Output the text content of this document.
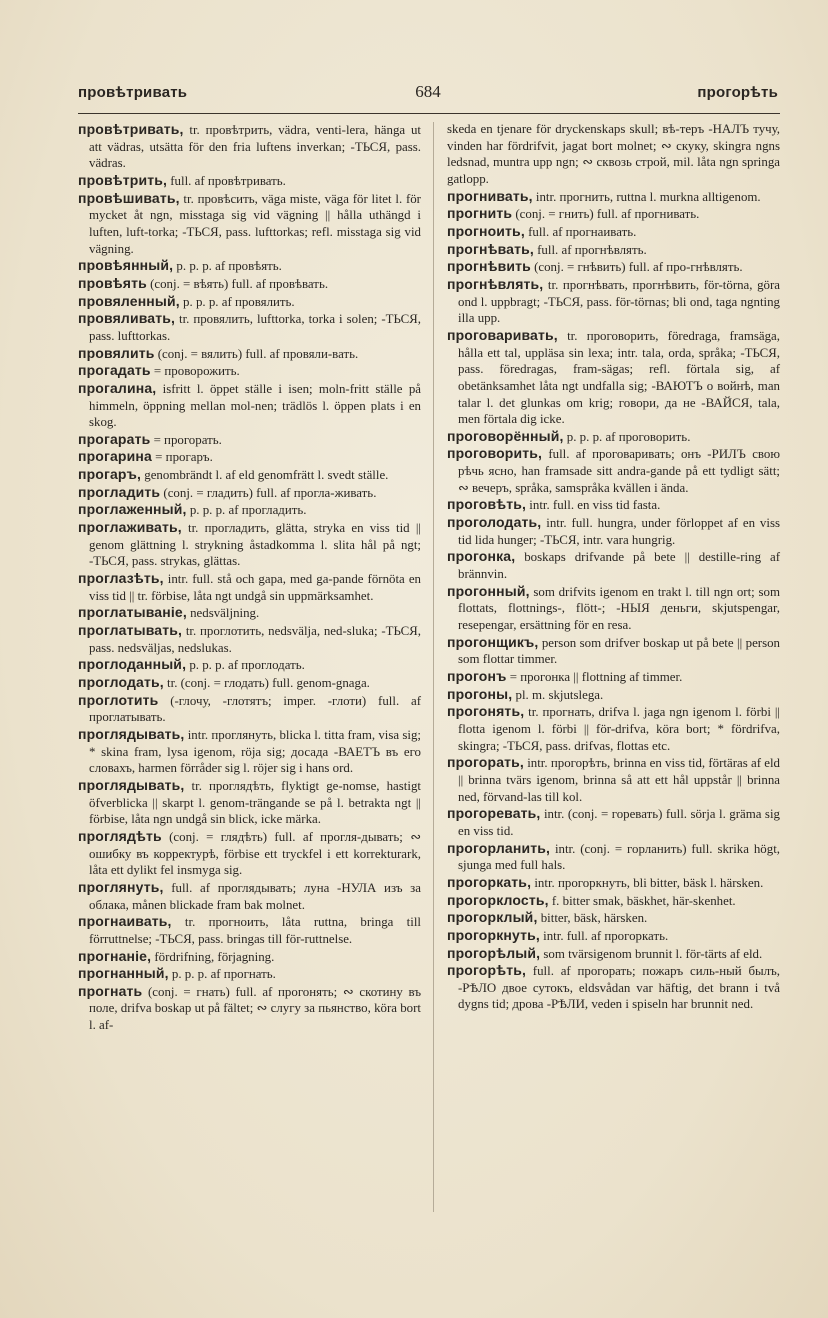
провѣтривать	684	прогорѣть

провѣтривать, tr. провѣтрить, vädra, venti-lera, hänga ut att vädras, utsätta för den fria luftens inverkan; -ТЬСЯ, pass. vädras.

провѣтрить, full. af провѣтривать.

провѣшивать, tr. провѣсить, väga miste, väga för litet l. för mycket åt ngn, misstaga sig vid vägning || hålla uthängd i luften, luft-torka; -ТЬСЯ, pass. lufttorkas; refl. misstaga sig vid vägning.

провѣянный, p. p. p. af провѣять.

провѣять (conj. = вѣять) full. af провѣвать.

провяленный, p. p. p. af провялить.

провяливать, tr. провялить, lufttorka, torka i solen; -ТЬСЯ, pass. lufttorkas.

провялить (conj. = вялить) full. af провяли-вать.

прогадать = проворожить.

прогалина, isfritt l. öppet ställe i isen; moln-fritt ställe på himmeln, öppning mellan mol-nen; trädlös l. öppen plats i en skog.

прогарать = прогорать.

прогарина = прогаръ.

прогаръ, genombrändt l. af eld genomfrätt l. svedt ställe.

прогладить (conj. = гладить) full. af прогла-живать.

проглаженный, p. p. p. af прогладить.

проглаживать, tr. прогладить, glätta, stryka en viss tid || genom glättning l. strykning åstadkomma l. slita hål på ngt; -ТЬСЯ, pass. strykas, glättas.

проглазѣть, intr. full. stå och gapa, med ga-pande förnöta en viss tid || tr. förbise, låta ngt undgå sin uppmärksamhet.

проглатываніе, nedsväljning.

проглатывать, tr. проглотить, nedsvälja, ned-sluka; -ТЬСЯ, pass. nedsväljas, nedslukas.

проглоданный, p. p. p. af проглодать.

проглодать, tr. (conj. = глодать) full. genom-gnaga.

проглотить (-глочу, -глотятъ; imper. -глоти) full. af проглатывать.

проглядывать, intr. проглянуть, blicka l. titta fram, visa sig; * skina fram, lysa igenom, röja sig; досада -ВАЕТЪ въ его словахъ, harmen förråder sig l. röjer sig i hans ord.

проглядывать, tr. проглядѣть, flyktigt ge-nomse, hastigt öfverblicka || skarpt l. genom-trängande se på l. betrakta ngt || förbise, låta ngn undgå sin blick, icke märka.

проглядѣть (conj. = глядѣть) full. af прогля-дывать; ∾ ошибку въ корректурѣ, förbise ett tryckfel i ett korrekturark, låta ett dylikt fel insmyga sig.

проглянуть, full. af проглядывать; луна -НУЛА изъ за облака, månen blickade fram bak molnet.

прогнаивать, tr. прогноить, låta ruttna, bringa till förruttnelse; -ТЬСЯ, pass. bringas till för-ruttnelse.

прогнаніе, fördrifning, förjagning.

прогнанный, p. p. p. af прогнать.

прогнать (conj. = гнать) full. af прогонять; ∾ скотину въ поле, drifva boskap ut på fältet; ∾ слугу за пьянство, köra bort l. af-

skeda en tjenare för dryckenskaps skull; вѣ-теръ -НАЛЪ тучу, vinden har fördrifvit, jagat bort molnet; ∾ скуку, skingra ngns ledsnad, muntra upp ngn; ∾ сквозь строй, mil. låta ngn springa gatlopp.

прогнивать, intr. прогнить, ruttna l. murkna alltigenom.

прогнить (conj. = гнить) full. af прогнивать.

прогноить, full. af прогнаивать.

прогнѣвать, full. af прогнѣвлять.

прогнѣвить (conj. = гнѣвить) full. af про-гнѣвлять.

прогнѣвлять, tr. прогнѣвать, прогнѣвить, för-törna, göra ond l. uppbragt; -ТЬСЯ, pass. för-törnas; bli ond, taga ngnting illa upp.

проговаривать, tr. проговорить, föredraga, framsäga, hålla ett tal, uppläsa sin lexa; intr. tala, orda, språka; -ТЬСЯ, pass. föredragas, fram-sägas; refl. förtala sig, af obetänksamhet låta ngt undfalla sig; -ВАЮТЪ о войнѣ, man talar l. det glunkas om krig; говори, да не -ВАЙСЯ, tala, men förtala dig icke.

проговорённый, p. p. p. af проговорить.

проговорить, full. af проговаривать; онъ -РИЛЪ свою рѣчь ясно, han framsade sitt andra-gande på ett tydligt sätt; ∾ вечеръ, språka, samspråka kvällen i ända.

проговѣть, intr. full. en viss tid fasta.

проголодать, intr. full. hungra, under förloppet af en viss tid lida hunger; -ТЬСЯ, intr. vara hungrig.

прогонка, boskaps drifvande på bete || destille-ring af brännvin.

прогонный, som drifvits igenom en trakt l. till ngn ort; som flottats, flottnings-, flött-; -НЫЯ деньги, skjutspengar, resepengar, ersättning för en resa.

прогонщикъ, person som drifver boskap ut på bete || person som flottar timmer.

прогонъ = прогонка || flottning af timmer.

прогоны, pl. m. skjutslega.

прогонять, tr. прогнать, drifva l. jaga ngn igenom l. förbi || flotta igenom l. förbi || för-drifva, köra bort; * fördrifva, skingra; -ТЬСЯ, pass. drifvas, flottas etc.

прогорать, intr. прогорѣть, brinna en viss tid, förtäras af eld || brinna tvärs igenom, brinna så att ett hål uppstår || brinna ned, förvand-las till kol.

прогоревать, intr. (conj. = горевать) full. sörja l. gräma sig en viss tid.

прогорланить, intr. (conj. = горланить) full. skrika högt, sjunga med full hals.

прогоркать, intr. прогоркнуть, bli bitter, bäsk l. härsken.

прогорклость, f. bitter smak, bäskhet, här-skenhet.

прогорклый, bitter, bäsk, härsken.

прогоркнуть, intr. full. af прогоркать.

прогорѣлый, som tvärsigenom brunnit l. för-tärts af eld.

прогорѣть, full. af прогорать; пожаръ силь-ный былъ, -РѢЛО двое сутокъ, eldsvådan var häftig, det brann i två dygns tid; дрова -РѢЛИ, veden i spiseln har brunnit ned.
